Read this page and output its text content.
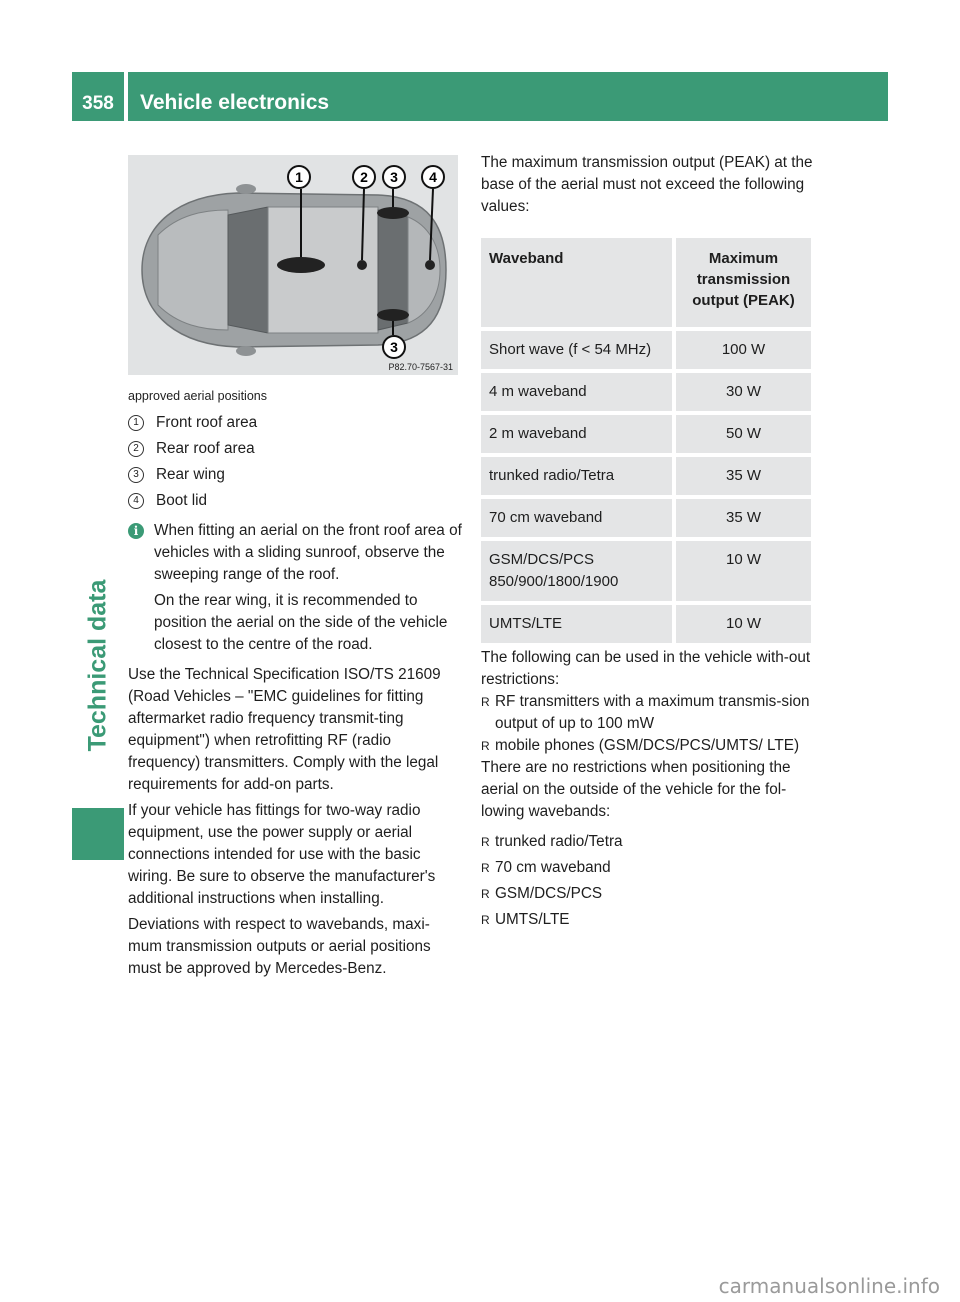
358	Vehicle electronics
Technical data
1	2 3 4
3
P82.70-7567-31
approved aerial positions
1	Front roof area
2	Rear roof area
3	Rear wing
4	Boot lid
i	When fitting an aerial on the front roof area of vehicles with a sliding sunroof, observe the sweeping range of the roof.

On the rear wing, it is recommended to position the aerial on the side of the vehicle closest to the centre of the road.

Use the Technical Specification ISO/TS 21609 (Road Vehicles – "EMC guidelines for fitting aftermarket radio frequency transmit-ting equipment") when retrofitting RF (radio frequency) transmitters. Comply with the legal requirements for add-on parts.

If your vehicle has fittings for two-way radio equipment, use the power supply or aerial connections intended for use with the basic wiring. Be sure to observe the manufacturer's additional instructions when installing.

Deviations with respect to wavebands, maxi-mum transmission outputs or aerial positions must be approved by Mercedes-Benz.

The maximum transmission output (PEAK) at the base of the aerial must not exceed the following values:

Waveband	Maximum transmission output (PEAK)
Short wave (f < 54 MHz)	100 W
4 m waveband	30 W
2 m waveband	50 W
trunked radio/Tetra	35 W
70 cm waveband	35 W
GSM/DCS/PCS 850/900/1800/1900	10 W
UMTS/LTE	10 W

The following can be used in the vehicle with-out restrictions:

R RF transmitters with a maximum transmis-sion output of up to 100 mW
R mobile phones (GSM/DCS/PCS/UMTS/ LTE)

There are no restrictions when positioning the aerial on the outside of the vehicle for the fol-lowing wavebands:

R trunked radio/Tetra
R 70 cm waveband
R GSM/DCS/PCS
R UMTS/LTE
carmanualsonline.info
